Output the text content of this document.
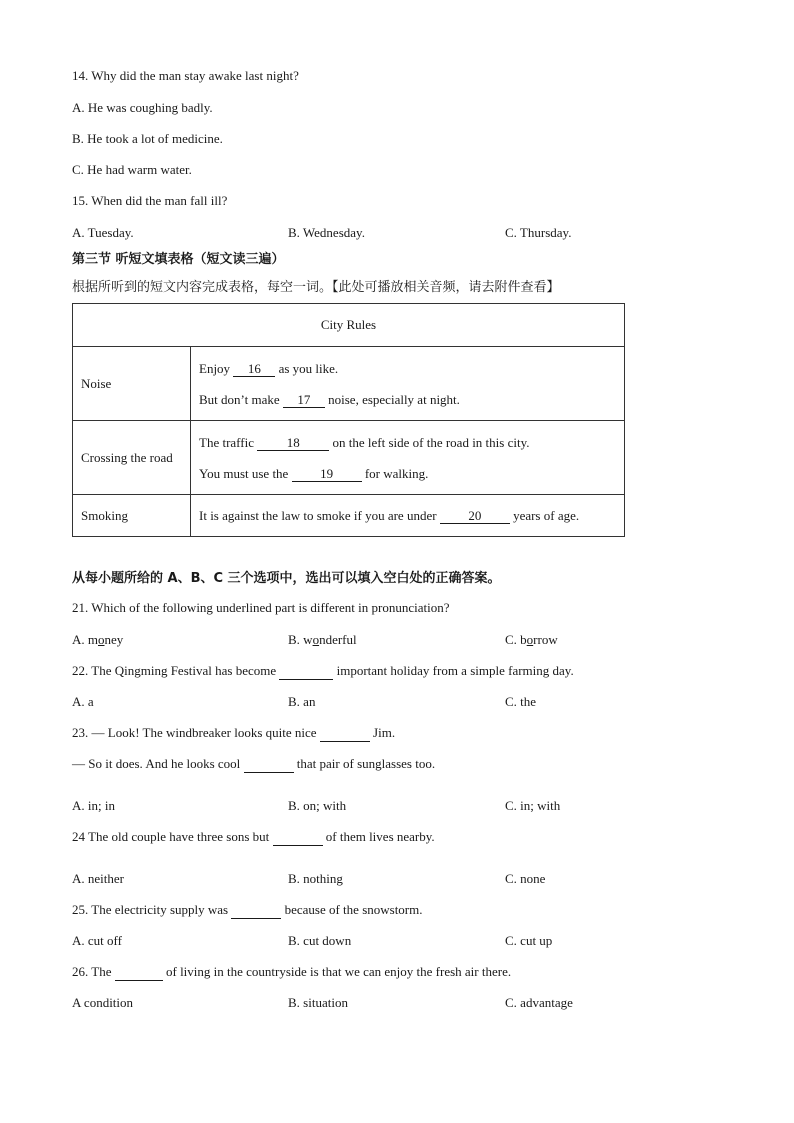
14. Why did the man stay awake last night?
A. He was coughing badly.
B. He took a lot of medicine.
C. He had warm water.
15. When did the man fall ill?
A. Tuesday.	B. Wednesday.	C. Thursday.
第三节 听短文填表格（短文读三遍）
根据所听到的短文内容完成表格，每空一词。【此处可播放相关音频，请去附件查看】
City Rules	
Noise	Enjoy 16 as you like.
But don’t make 17 noise, especially at night.

Crossing the road	The traffic 18 on the left side of the road in this city.
You must use the 19 for walking.

Smoking	It is against the law to smoke if you are under 20 years of age.
从每小题所给的 A、B、C 三个选项中，选出可以填入空白处的正确答案。
21. Which of the following underlined part is different in pronunciation?
A. money	B. wonderful	C. borrow
22. The Qingming Festival has become	important holiday from a simple farming day.
A. a	B. an	C. the
23. — Look! The windbreaker looks quite nice	Jim.
— So it does. And he looks cool	that pair of sunglasses too.
A. in; in	B. on; with	C. in; with
24 The old couple have three sons but	of them lives nearby.
A. neither	B. nothing	C. none
25. The electricity supply was	because of the snowstorm.
A. cut off	B. cut down	C. cut up
26. The	of living in the countryside is that we can enjoy the fresh air there.
A condition	B. situation	C. advantage
